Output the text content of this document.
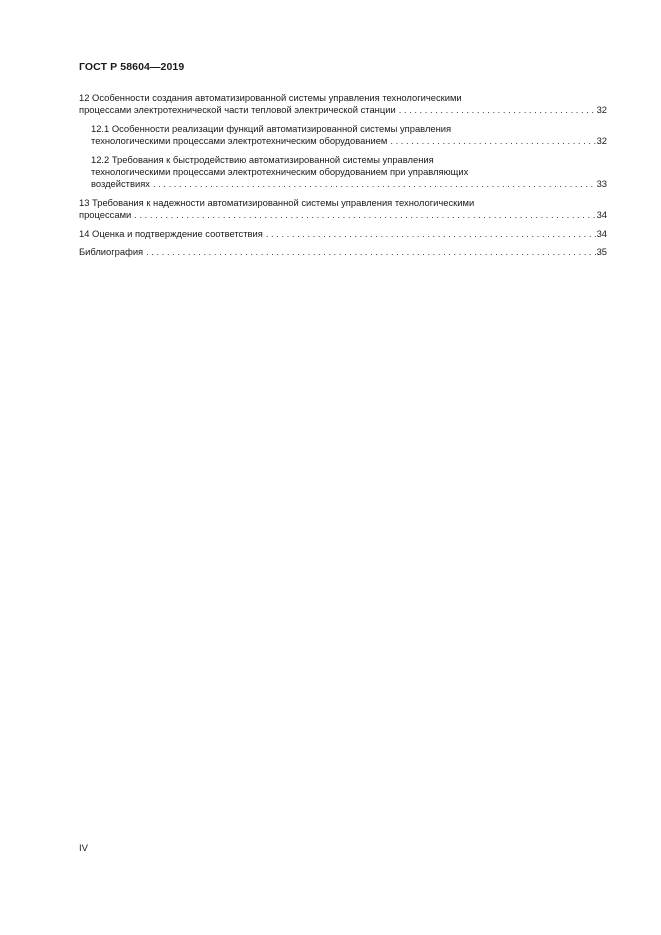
ГОСТ Р 58604—2019
12 Особенности создания автоматизированной системы управления технологическими
процессами электротехнической части тепловой электрической станции . . .	32
12.1 Особенности реализации функций автоматизированной системы управления
технологическими процессами электротехническим оборудованием . . .	32
12.2 Требования к быстродействию автоматизированной системы управления
технологическими процессами электротехническим оборудованием при управляющих
воздействиях . . .	33
13 Требования к надежности автоматизированной системы управления технологическими
процессами . . .	34
14 Оценка и подтверждение соответствия . . .	34
Библиография . . .	35
IV
